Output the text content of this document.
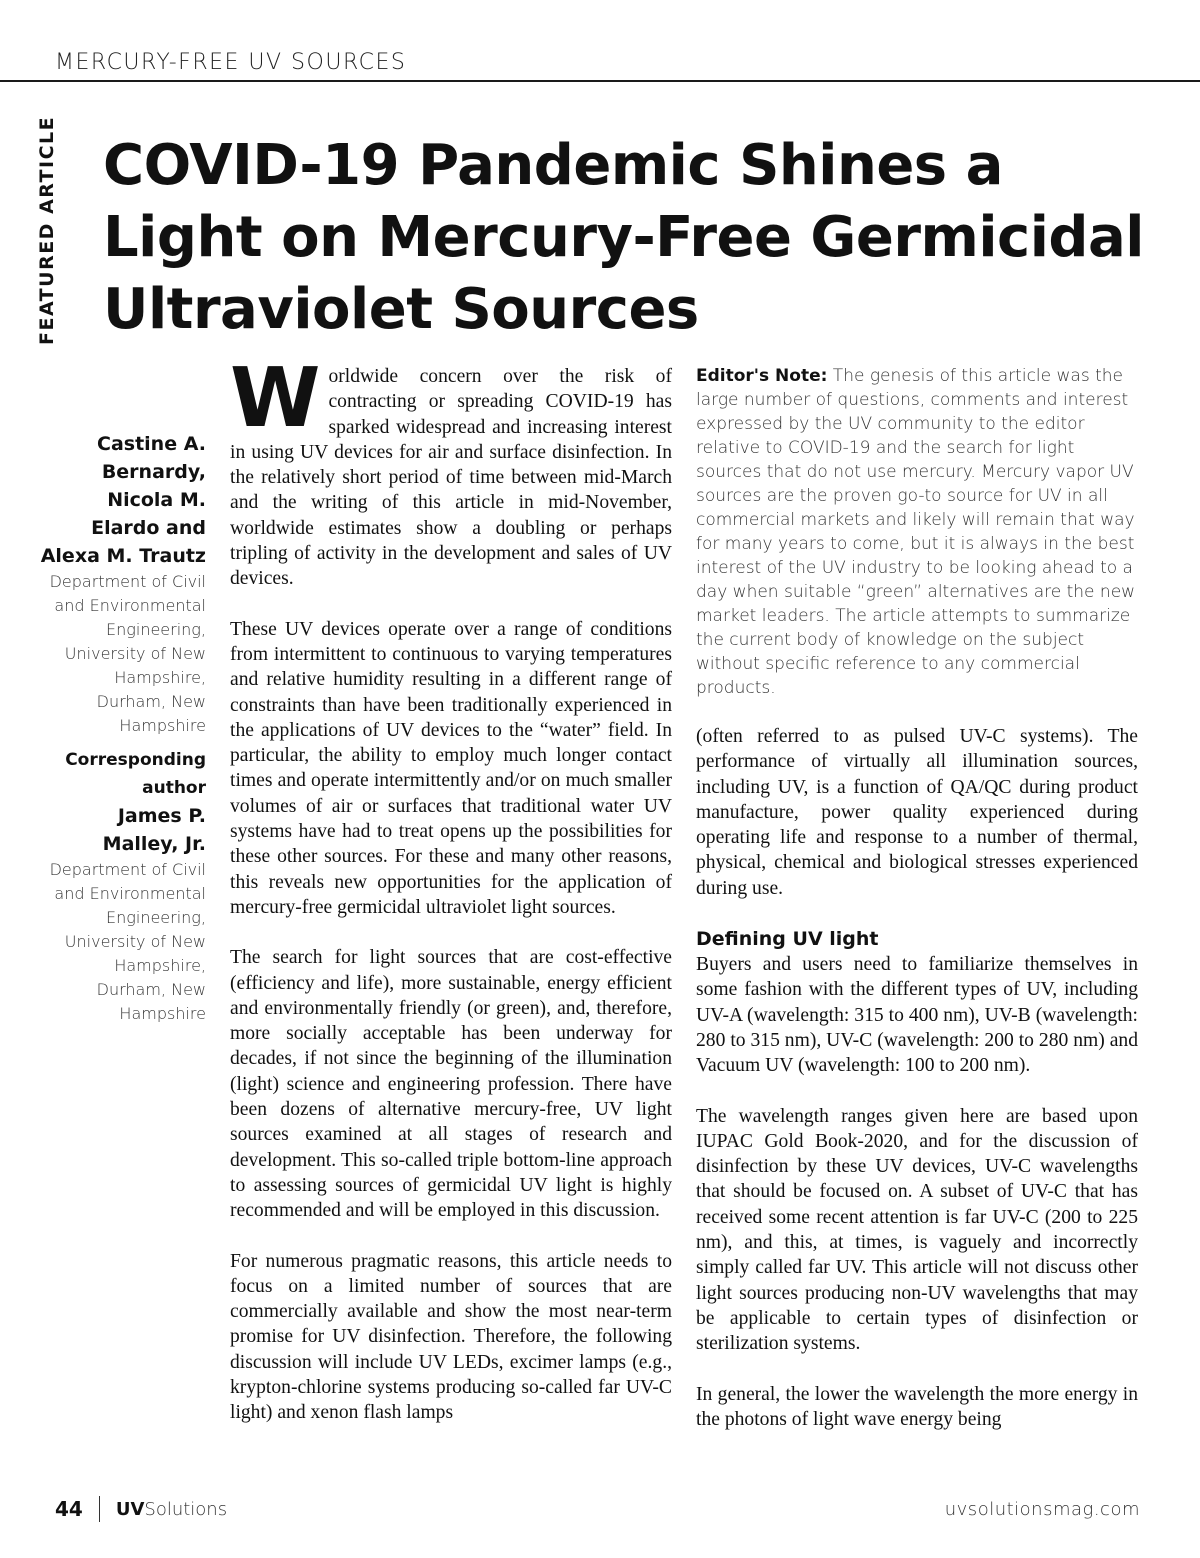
MERCURY-FREE UV SOURCES
FEATURED ARTICLE COVID-19 Pandemic Shines a Light on Mercury-Free Germicidal Ultraviolet Sources
Castine A. Bernardy, Nicola M. Elardo and Alexa M. Trautz
Department of Civil and Environmental Engineering, University of New Hampshire, Durham, New Hampshire
Corresponding author
James P. Malley, Jr.
Department of Civil and Environmental Engineering, University of New Hampshire, Durham, New Hampshire

Worldwide concern over the risk of contracting or spreading COVID-19 has sparked widespread and increasing interest in using UV devices for air and surface disinfection. In the relatively short period of time between mid-March and the writing of this article in mid-November, worldwide estimates show a doubling or perhaps tripling of activity in the development and sales of UV devices.

These UV devices operate over a range of conditions from intermittent to continuous to varying temperatures and relative humidity resulting in a different range of constraints than have been traditionally experienced in the applications of UV devices to the “water” field. In particular, the ability to employ much longer contact times and operate intermittently and/or on much smaller volumes of air or surfaces that traditional water UV systems have had to treat opens up the possibilities for these other sources. For these and many other reasons, this reveals new opportunities for the application of mercury-free germicidal ultraviolet light sources.

The search for light sources that are cost-effective (efficiency and life), more sustainable, energy efficient and environmentally friendly (or green), and, therefore, more socially acceptable has been underway for decades, if not since the beginning of the illumination (light) science and engineering profession. There have been dozens of alternative mercury-free, UV light sources examined at all stages of research and development. This so-called triple bottom-line approach to assessing sources of germicidal UV light is highly recommended and will be employed in this discussion.

For numerous pragmatic reasons, this article needs to focus on a limited number of sources that are commercially available and show the most near-term promise for UV disinfection. Therefore, the following discussion will include UV LEDs, excimer lamps (e.g., krypton-chlorine systems producing so-called far UV-C light) and xenon flash lamps

Editor's Note: The genesis of this article was the large number of questions, comments and interest expressed by the UV community to the editor relative to COVID-19 and the search for light sources that do not use mercury. Mercury vapor UV sources are the proven go-to source for UV in all commercial markets and likely will remain that way for many years to come, but it is always in the best interest of the UV industry to be looking ahead to a day when suitable “green” alternatives are the new market leaders. The article attempts to summarize the current body of knowledge on the subject without specific reference to any commercial products.

(often referred to as pulsed UV-C systems). The performance of virtually all illumination sources, including UV, is a function of QA/QC during product manufacture, power quality experienced during operating life and response to a number of thermal, physical, chemical and biological stresses experienced during use.

Defining UV light

Buyers and users need to familiarize themselves in some fashion with the different types of UV, including UV-A (wavelength: 315 to 400 nm), UV-B (wavelength: 280 to 315 nm), UV-C (wavelength: 200 to 280 nm) and Vacuum UV (wavelength: 100 to 200 nm).

The wavelength ranges given here are based upon IUPAC Gold Book-2020, and for the discussion of disinfection by these UV devices, UV-C wavelengths that should be focused on. A subset of UV-C that has received some recent attention is far UV-C (200 to 225 nm), and this, at times, is vaguely and incorrectly simply called far UV. This article will not discuss other light sources producing non-UV wavelengths that may be applicable to certain types of disinfection or sterilization systems.

In general, the lower the wavelength the more energy in the photons of light wave energy being

44 UV Solutions	uvsolutionsmag.com
